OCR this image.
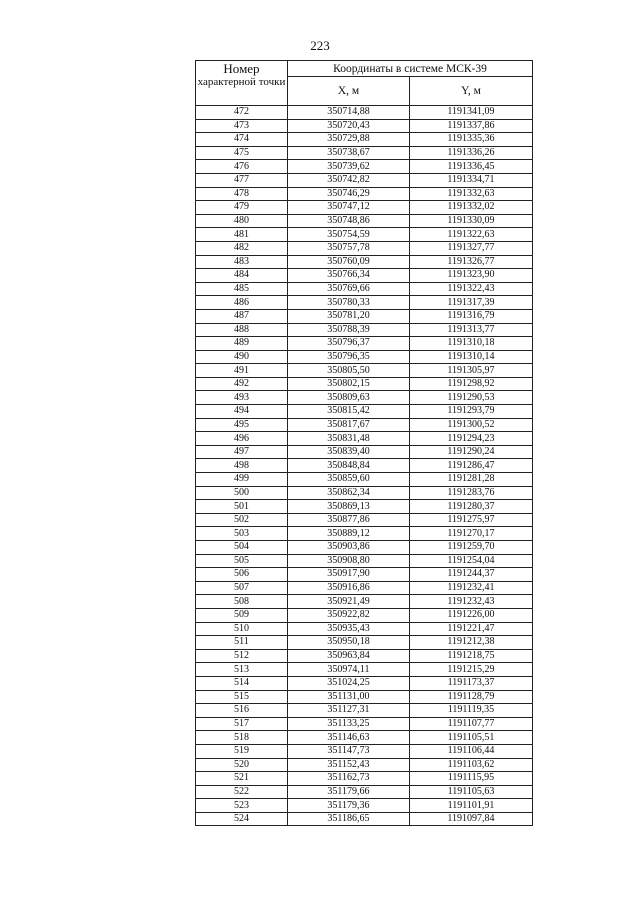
223
Номер
характерной точки	Координаты в системе МСК-39	
	X, м	Y, м
472	350714,88	1191341,09
473	350720,43	1191337,86
474	350729,88	1191335,36
475	350738,67	1191336,26
476	350739,62	1191336,45
477	350742,82	1191334,71
478	350746,29	1191332,63
479	350747,12	1191332,02
480	350748,86	1191330,09
481	350754,59	1191322,63
482	350757,78	1191327,77
483	350760,09	1191326,77
484	350766,34	1191323,90
485	350769,66	1191322,43
486	350780,33	1191317,39
487	350781,20	1191316,79
488	350788,39	1191313,77
489	350796,37	1191310,18
490	350796,35	1191310,14
491	350805,50	1191305,97
492	350802,15	1191298,92
493	350809,63	1191290,53
494	350815,42	1191293,79
495	350817,67	1191300,52
496	350831,48	1191294,23
497	350839,40	1191290,24
498	350848,84	1191286,47
499	350859,60	1191281,28
500	350862,34	1191283,76
501	350869,13	1191280,37
502	350877,86	1191275,97
503	350889,12	1191270,17
504	350903,86	1191259,70
505	350908,80	1191254,04
506	350917,90	1191244,37
507	350916,86	1191232,41
508	350921,49	1191232,43
509	350922,82	1191226,00
510	350935,43	1191221,47
511	350950,18	1191212,38
512	350963,84	1191218,75
513	350974,11	1191215,29
514	351024,25	1191173,37
515	351131,00	1191128,79
516	351127,31	1191119,35
517	351133,25	1191107,77
518	351146,63	1191105,51
519	351147,73	1191106,44
520	351152,43	1191103,62
521	351162,73	1191115,95
522	351179,66	1191105,63
523	351179,36	1191101,91
524	351186,65	1191097,84
